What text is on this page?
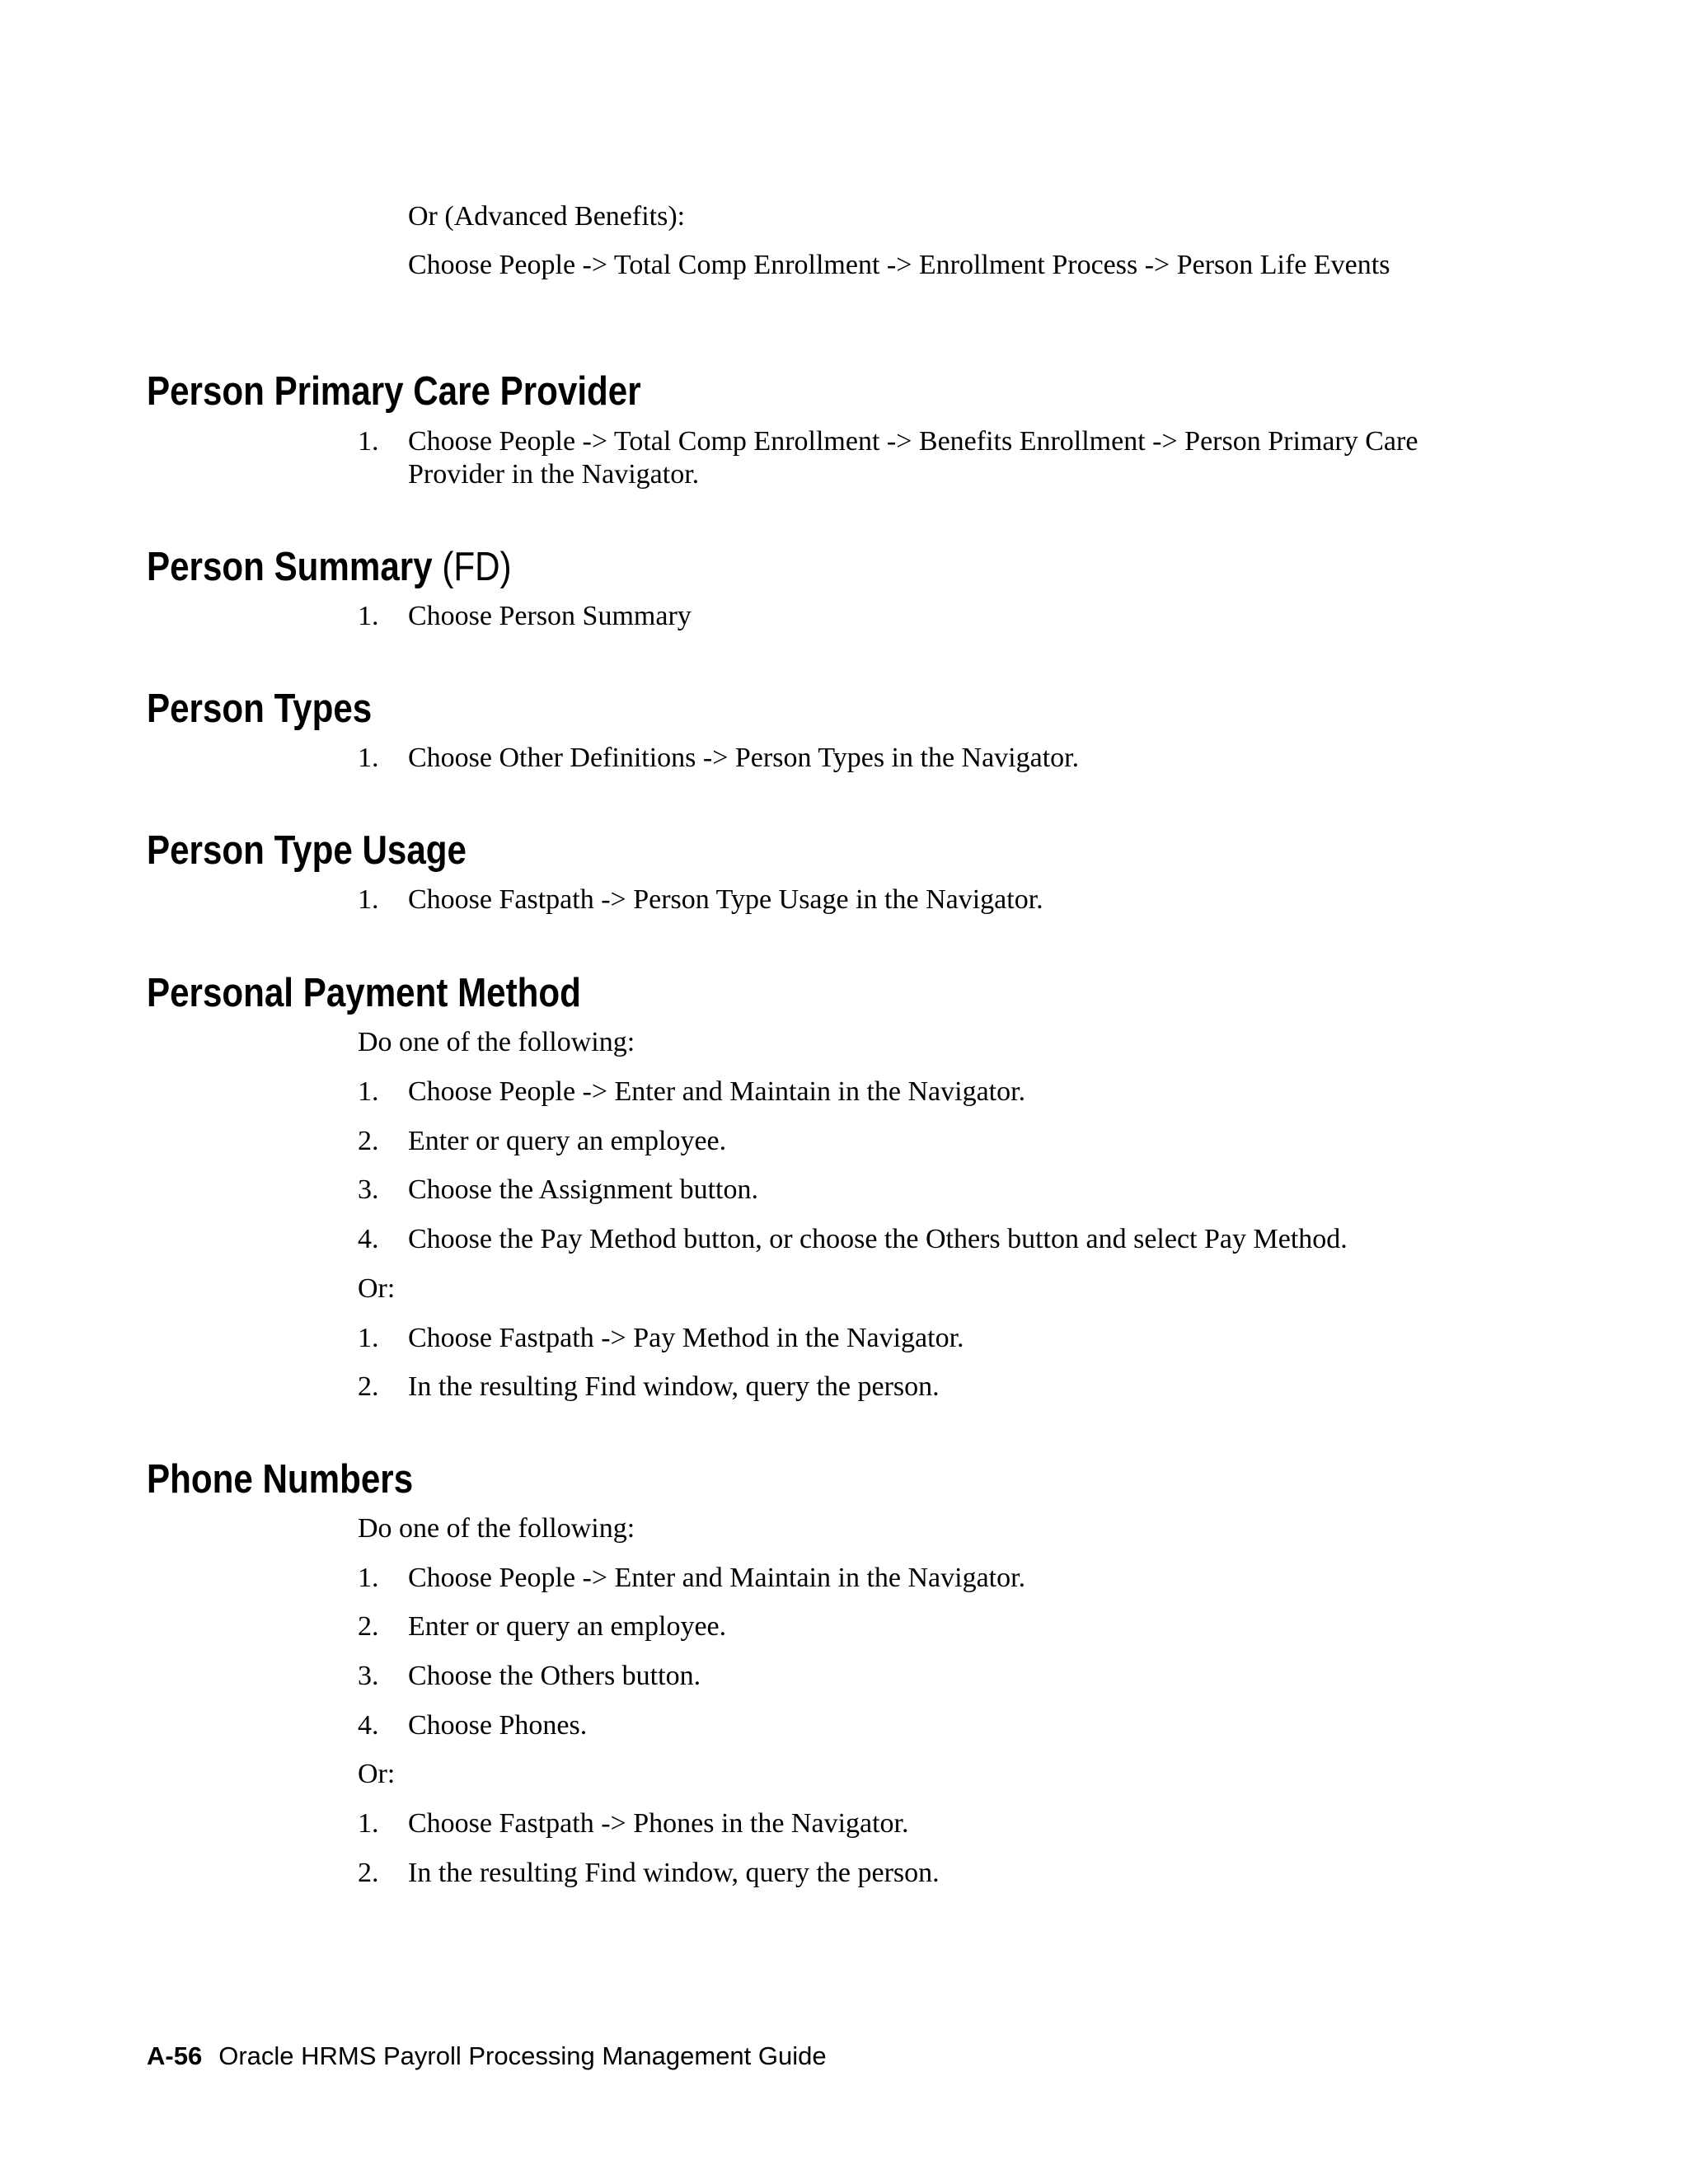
Or (Advanced Benefits):

Choose People -> Total Comp Enrollment -> Enrollment Process -> Person Life Events

Person Primary Care Provider
1. Choose People -> Total Comp Enrollment -> Benefits Enrollment -> Person Primary Care Provider in the Navigator.
Person Summary (FD)
1. Choose Person Summary
Person Types
1. Choose Other Definitions -> Person Types in the Navigator.
Person Type Usage
1. Choose Fastpath -> Person Type Usage in the Navigator.
Personal Payment Method

Do one of the following:

1. Choose People -> Enter and Maintain in the Navigator.
2. Enter or query an employee.
3. Choose the Assignment button.
4. Choose the Pay Method button, or choose the Others button and select Pay Method.

Or:

1. Choose Fastpath -> Pay Method in the Navigator.
2. In the resulting Find window, query the person.
Phone Numbers

Do one of the following:

1. Choose People -> Enter and Maintain in the Navigator.
2. Enter or query an employee.
3. Choose the Others button.
4. Choose Phones.

Or:

1. Choose Fastpath -> Phones in the Navigator.
2. In the resulting Find window, query the person.
A-56 Oracle HRMS Payroll Processing Management Guide
